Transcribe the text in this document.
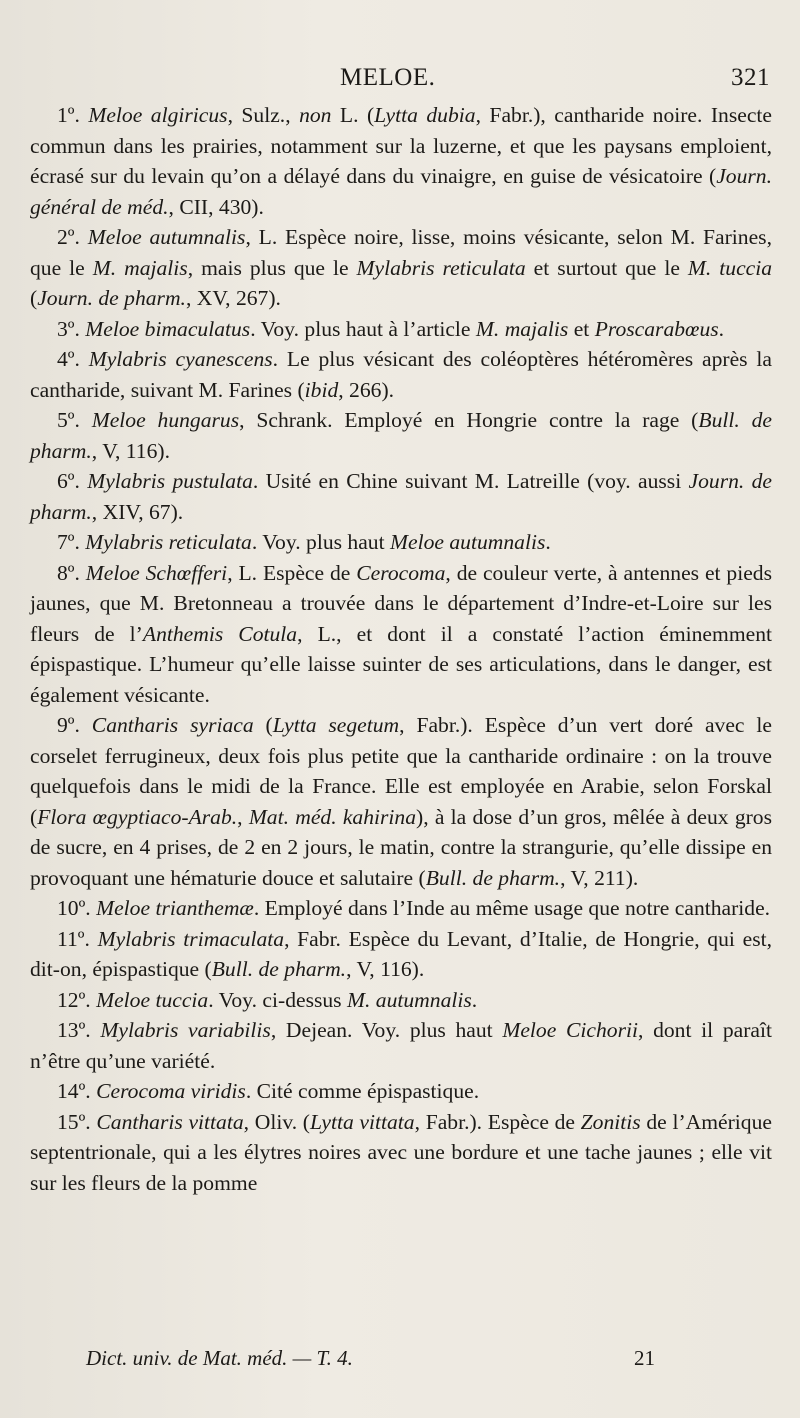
MELOE.	321

1º. Meloe algiricus, Sulz., non L. (Lytta dubia, Fabr.), cantharide noire. Insecte commun dans les prairies, notamment sur la luzerne, et que les paysans emploient, écrasé sur du levain qu’on a délayé dans du vinaigre, en guise de vésicatoire (Journ. général de méd., CII, 430).

2º. Meloe autumnalis, L. Espèce noire, lisse, moins vésicante, selon M. Farines, que le M. majalis, mais plus que le Mylabris reticulata et surtout que le M. tuccia (Journ. de pharm., XV, 267).

3º. Meloe bimaculatus. Voy. plus haut à l’article M. majalis et Proscarabœus.

4º. Mylabris cyanescens. Le plus vésicant des coléoptères hétéromères après la cantharide, suivant M. Farines (ibid, 266).

5º. Meloe hungarus, Schrank. Employé en Hongrie contre la rage (Bull. de pharm., V, 116).

6º. Mylabris pustulata. Usité en Chine suivant M. Latreille (voy. aussi Journ. de pharm., XIV, 67).

7º. Mylabris reticulata. Voy. plus haut Meloe autumnalis.

8º. Meloe Schœfferi, L. Espèce de Cerocoma, de couleur verte, à antennes et pieds jaunes, que M. Bretonneau a trouvée dans le département d’Indre-et-Loire sur les fleurs de l’Anthemis Cotula, L., et dont il a constaté l’action éminemment épispastique. L’humeur qu’elle laisse suinter de ses articulations, dans le danger, est également vésicante.

9º. Cantharis syriaca (Lytta segetum, Fabr.). Espèce d’un vert doré avec le corselet ferrugineux, deux fois plus petite que la cantharide ordinaire : on la trouve quelquefois dans le midi de la France. Elle est employée en Arabie, selon Forskal (Flora œgyptiaco-Arab., Mat. méd. kahirina), à la dose d’un gros, mêlée à deux gros de sucre, en 4 prises, de 2 en 2 jours, le matin, contre la strangurie, qu’elle dissipe en provoquant une hématurie douce et salutaire (Bull. de pharm., V, 211).

10º. Meloe trianthemæ. Employé dans l’Inde au même usage que notre cantharide.

11º. Mylabris trimaculata, Fabr. Espèce du Levant, d’Italie, de Hongrie, qui est, dit-on, épispastique (Bull. de pharm., V, 116).

12º. Meloe tuccia. Voy. ci-dessus M. autumnalis.

13º. Mylabris variabilis, Dejean. Voy. plus haut Meloe Cichorii, dont il paraît n’être qu’une variété.

14º. Cerocoma viridis. Cité comme épispastique.

15º. Cantharis vittata, Oliv. (Lytta vittata, Fabr.). Espèce de Zonitis de l’Amérique septentrionale, qui a les élytres noires avec une bordure et une tache jaunes ; elle vit sur les fleurs de la pomme

Dict. univ. de Mat. méd. — T. 4.	21
